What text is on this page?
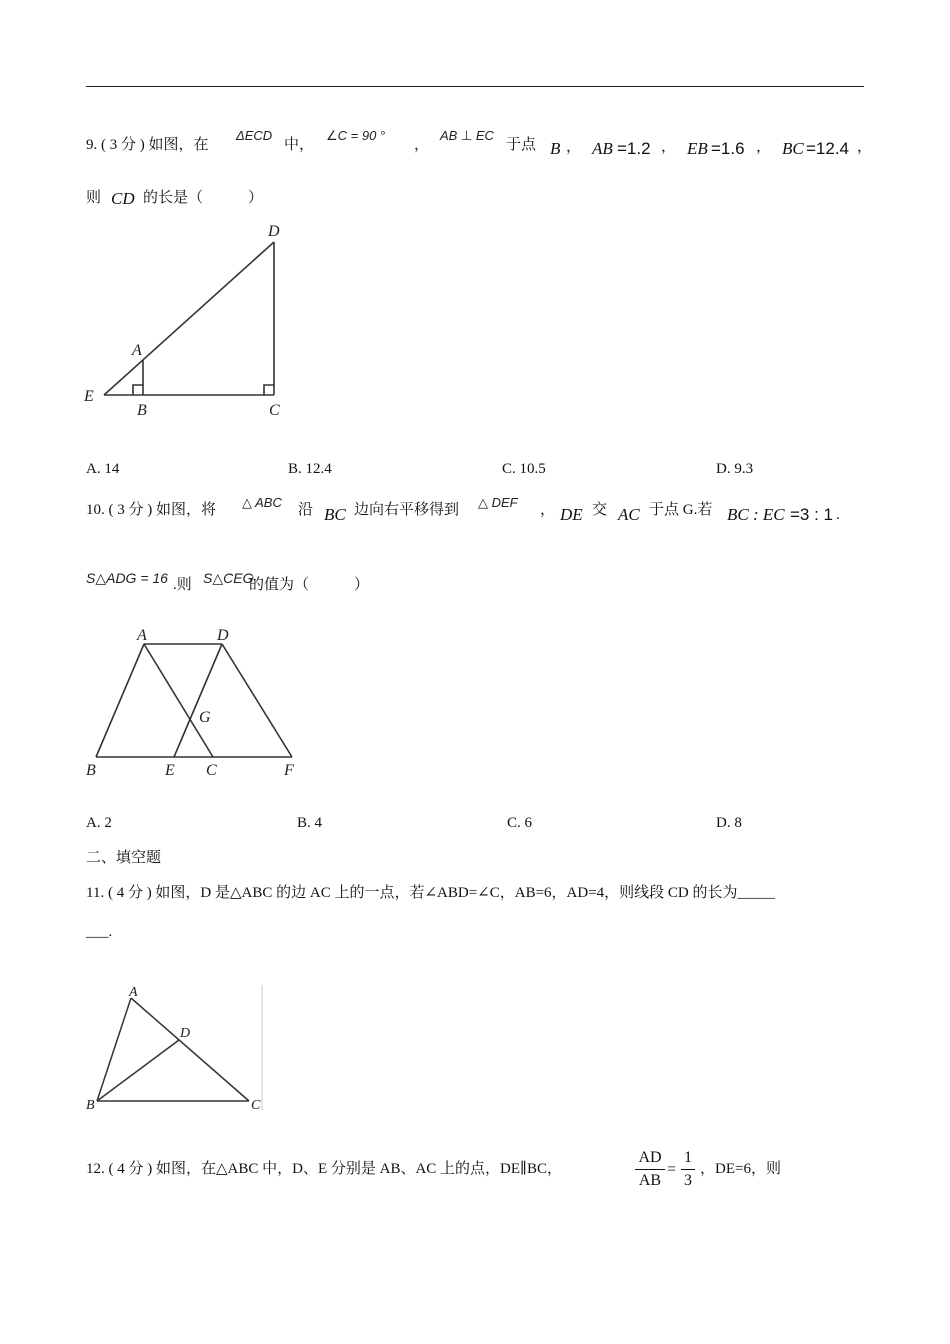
9. ( 3 分 ) 如图，在
ΔECD
中，
∠C = 90 °
，
AB ⊥ EC
于点 B ， AB =1.2 ， EB =1.6 ， BC =12.4 ，
则 CD 的长是（　　　）
D
A
E
B	C
A. 14	B. 12.4	C. 10.5	D. 9.3
10. ( 3 分 ) 如图，将 △ ABC 沿 BC 边向右平移得到 △ DEF ， DE 交 AC 于点 G.若 BC : EC =3 : 1 .
S△ADG = 16 .则 S△CEG
的值为（　　　）
A	D
G
B	E C	F
A. 2	B. 4	C. 6	D. 8
二、填空题
11. ( 4 分 ) 如图，D 是△ABC 的边 AC 上的一点，若∠ABD=∠C，AB=6，AD=4，则线段 CD 的长为_____
___.
A
D
B	C
12. ( 4 分 ) 如图，在△ABC 中，D、E 分别是 AB、AC 上的点，DE∥BC，
AD
AB
=
1
3
，DE=6，则
